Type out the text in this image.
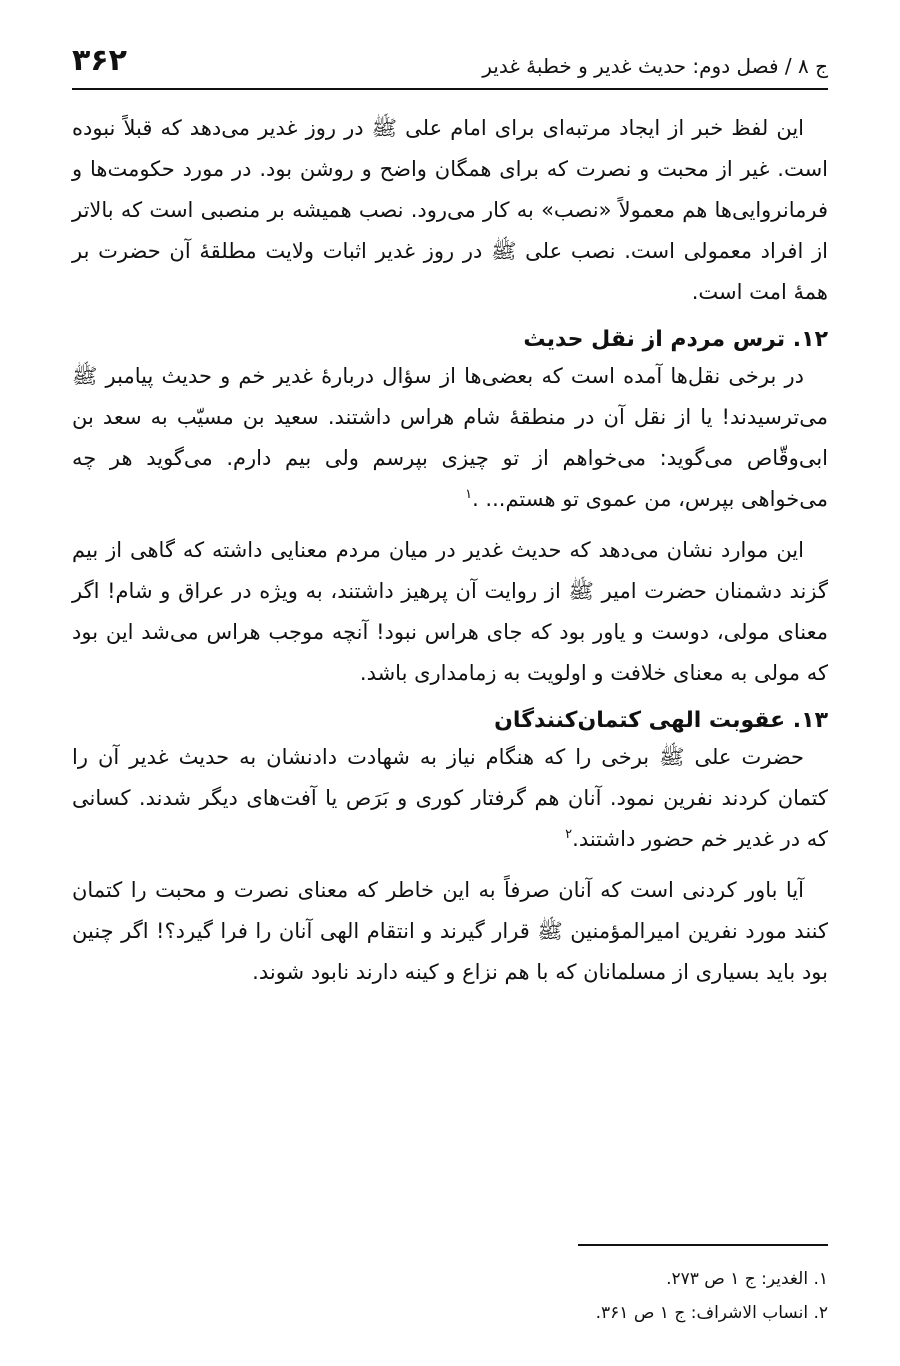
۳۶۲	ج ۸ / فصل دوم: حدیث غدیر و خطبهٔ غدیر

این لفظ خبر از ایجاد مرتبه‌ای برای امام علی ﷺ در روز غدیر می‌دهد که قبلاً نبوده است. غیر از محبت و نصرت که برای همگان واضح و روشن بود. در مورد حکومت‌ها و فرمانروایی‌ها هم معمولاً «نصب» به کار می‌رود. نصب همیشه بر منصبی است که بالاتر از افراد معمولی است. نصب علی ﷺ در روز غدیر اثبات ولایت مطلقهٔ آن حضرت بر همهٔ امت است.

۱۲. ترس مردم از نقل حدیث

در برخی نقل‌ها آمده است که بعضی‌ها از سؤال دربارهٔ غدیر خم و حدیث پیامبر ﷺ می‌ترسیدند! یا از نقل آن در منطقهٔ شام هراس داشتند. سعید بن مسیّب به سعد بن ابی‌وقّاص می‌گوید: می‌خواهم از تو چیزی بپرسم ولی بیم دارم. می‌گوید هر چه می‌خواهی بپرس، من عموی تو هستم... .$^۱$

این موارد نشان می‌دهد که حدیث غدیر در میان مردم معنایی داشته که گاهی از بیم گزند دشمنان حضرت امیر ﷺ از روایت آن پرهیز داشتند، به ویژه در عراق و شام! اگر معنای مولی، دوست و یاور بود که جای هراس نبود! آنچه موجب هراس می‌شد این بود که مولی به معنای خلافت و اولویت به زمامداری باشد.

۱۳. عقوبت الهی کتمان‌کنندگان

حضرت علی ﷺ برخی را که هنگام نیاز به شهادت دادنشان به حدیث غدیر آن را کتمان کردند نفرین نمود. آنان هم گرفتار کوری و بَرَص یا آفت‌های دیگر شدند. کسانی که در غدیر خم حضور داشتند.$^۲$

آیا باور کردنی است که آنان صرفاً به این خاطر که معنای نصرت و محبت را کتمان کنند مورد نفرین امیرالمؤمنین ﷺ قرار گیرند و انتقام الهی آنان را فرا گیرد؟! اگر چنین بود باید بسیاری از مسلمانان که با هم نزاع و کینه دارند نابود شوند.

۱. الغدیر: ج ۱ ص ۲۷۳.

۲. انساب الاشراف: ج ۱ ص ۳۶۱.
